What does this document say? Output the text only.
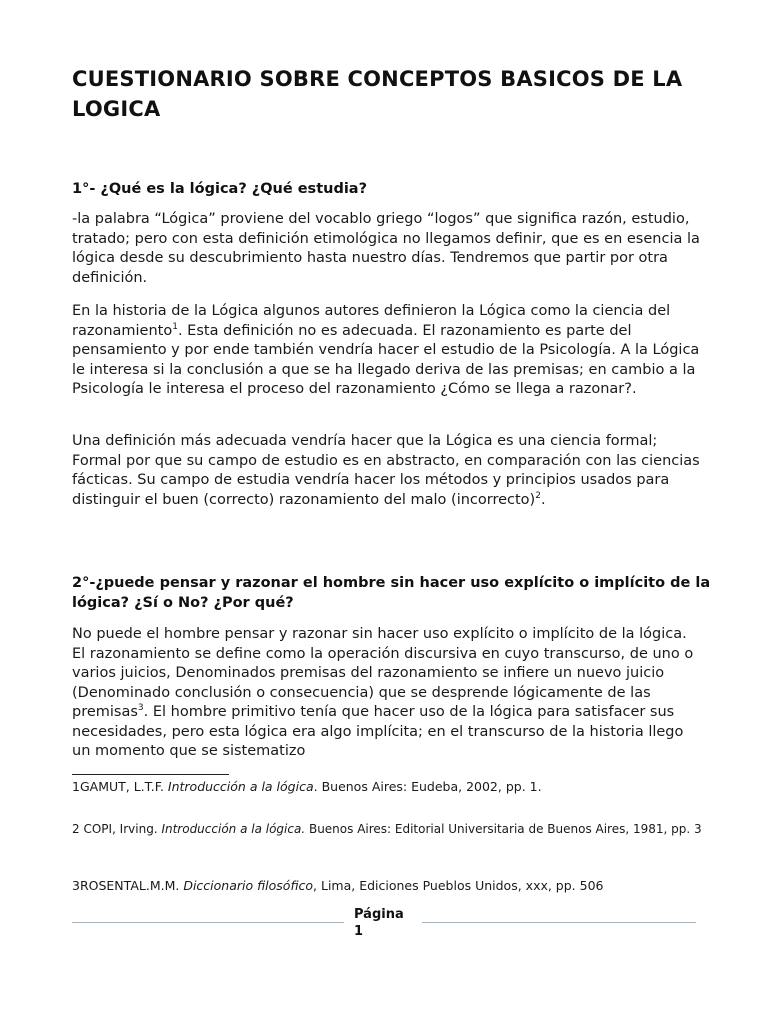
CUESTIONARIO SOBRE CONCEPTOS BASICOS DE LA LOGICA

1°- ¿Qué es la lógica? ¿Qué estudia?

-la palabra “Lógica” proviene del vocablo griego “logos” que significa razón, estudio, tratado; pero con esta definición etimológica no llegamos definir, que es en esencia la lógica desde su descubrimiento hasta nuestro días. Tendremos que partir por otra definición.

En la historia de la Lógica algunos autores definieron la Lógica como la ciencia del razonamiento$^1$. Esta definición no es adecuada. El razonamiento es parte del pensamiento y por ende también vendría hacer el estudio de la Psicología. A la Lógica le interesa si la conclusión a que se ha llegado deriva de las premisas; en cambio a la Psicología le interesa el proceso del razonamiento ¿Cómo se llega a razonar?.

Una definición más adecuada vendría hacer que la Lógica es una ciencia formal; Formal por que su campo de estudio es en abstracto, en comparación con las ciencias fácticas. Su campo de estudia vendría hacer los métodos y principios usados para distinguir el buen (correcto) razonamiento del malo (incorrecto)$^2$.

2°-¿puede pensar y razonar el hombre sin hacer uso explícito o implícito de la lógica? ¿Sí o No? ¿Por qué?

No puede el hombre pensar y razonar sin hacer uso explícito o implícito de la lógica. El razonamiento se define como la operación discursiva en cuyo transcurso, de uno o varios juicios, Denominados premisas del razonamiento se infiere un nuevo juicio (Denominado conclusión o consecuencia) que se desprende lógicamente de las premisas$^3$. El hombre primitivo tenía que hacer uso de la lógica para satisfacer sus necesidades, pero esta lógica era algo implícita; en el transcurso de la historia llego un momento que se sistematizo

1GAMUT, L.T.F. Introducción a la lógica. Buenos Aires: Eudeba, 2002, pp. 1.

2 COPI, Irving. Introducción a la lógica. Buenos Aires: Editorial Universitaria de Buenos Aires, 1981, pp. 3

3ROSENTAL.M.M. Diccionario filosófico, Lima, Ediciones Pueblos Unidos, xxx, pp. 506

Página
1
